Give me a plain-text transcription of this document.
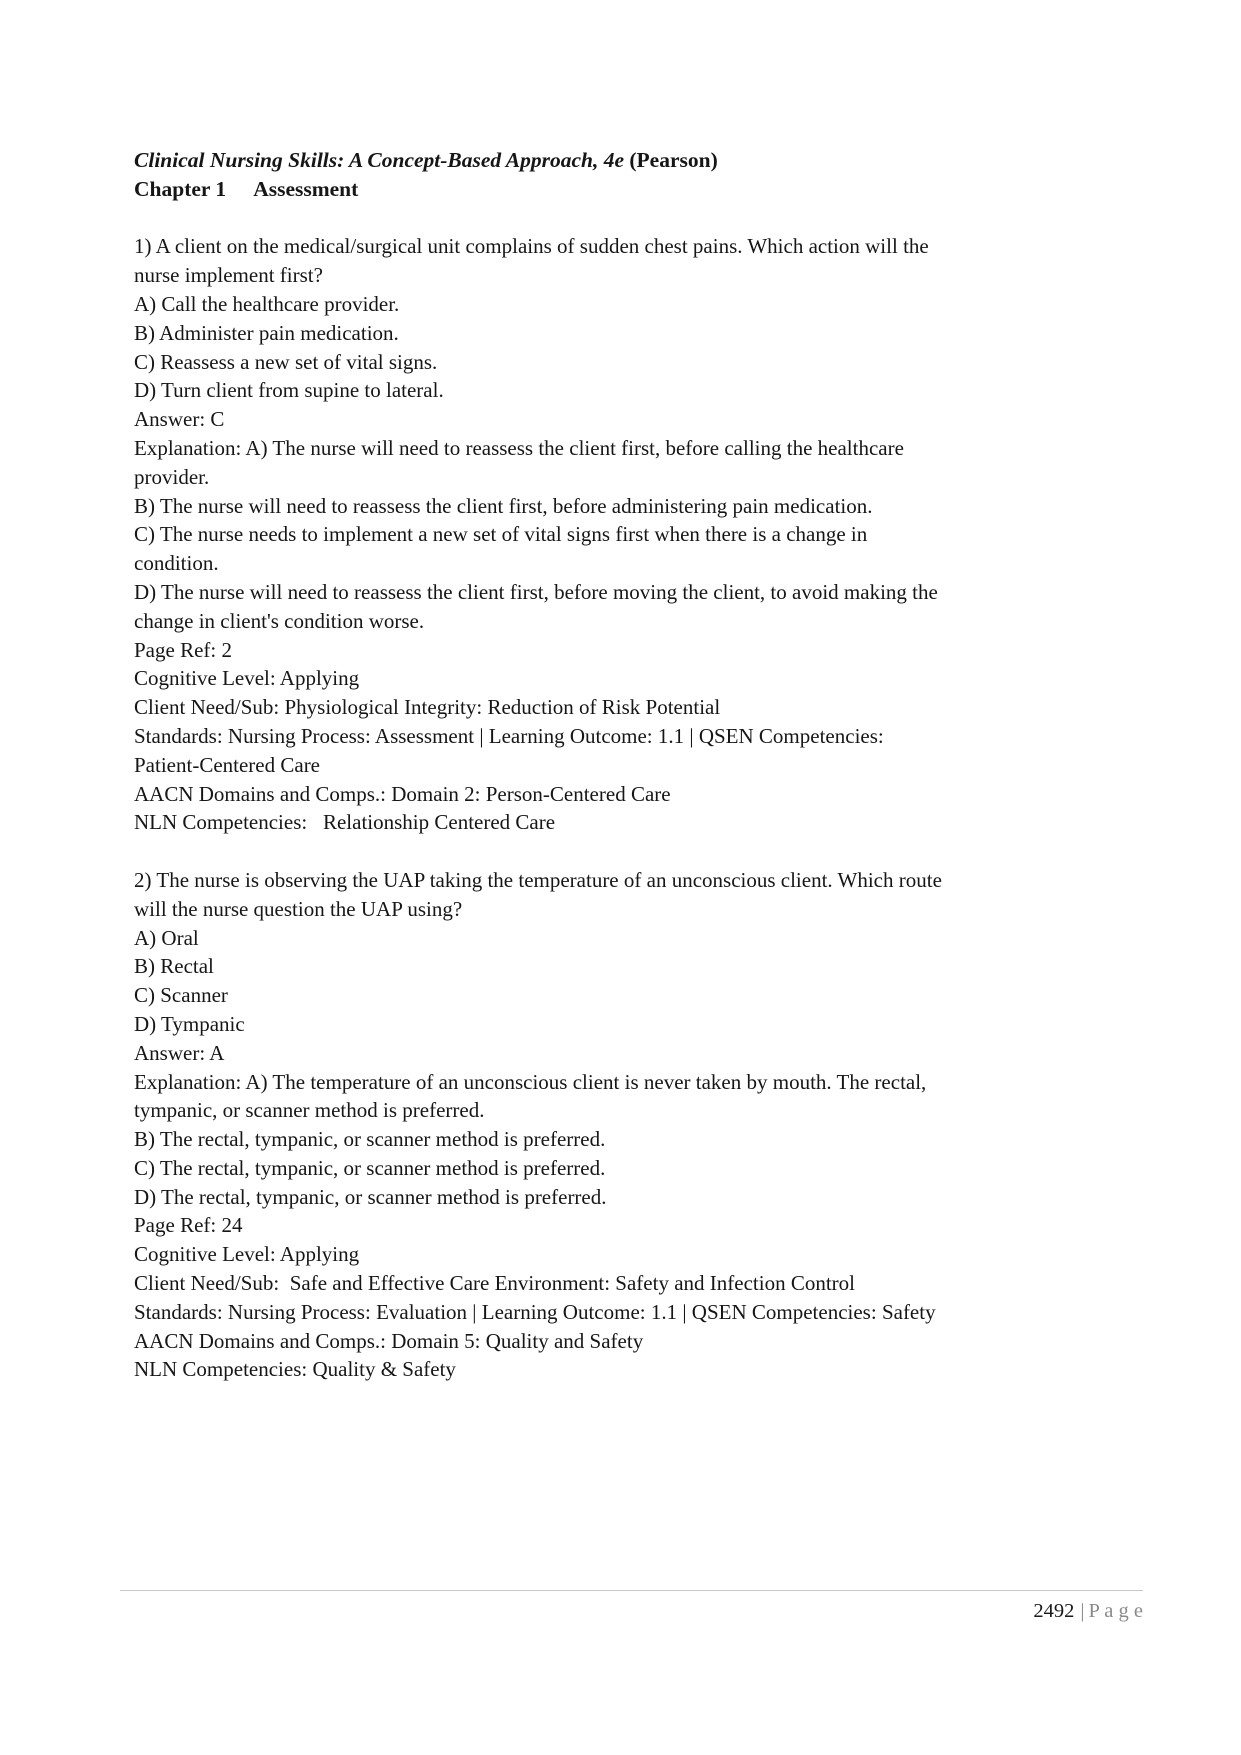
Clinical Nursing Skills: A Concept-Based Approach, 4e (Pearson)
Chapter 1 Assessment
1) A client on the medical/surgical unit complains of sudden chest pains. Which action will the
nurse implement first?
A) Call the healthcare provider.
B) Administer pain medication.
C) Reassess a new set of vital signs.
D) Turn client from supine to lateral.
Answer: C
Explanation: A) The nurse will need to reassess the client first, before calling the healthcare
provider.
B) The nurse will need to reassess the client first, before administering pain medication.
C) The nurse needs to implement a new set of vital signs first when there is a change in
condition.
D) The nurse will need to reassess the client first, before moving the client, to avoid making the
change in client's condition worse.
Page Ref: 2
Cognitive Level: Applying
Client Need/Sub: Physiological Integrity: Reduction of Risk Potential
Standards: Nursing Process: Assessment | Learning Outcome: 1.1 | QSEN Competencies:
Patient-Centered Care
AACN Domains and Comps.: Domain 2: Person-Centered Care
NLN Competencies:   Relationship Centered Care
2) The nurse is observing the UAP taking the temperature of an unconscious client. Which route
will the nurse question the UAP using?
A) Oral
B) Rectal
C) Scanner
D) Tympanic
Answer: A
Explanation: A) The temperature of an unconscious client is never taken by mouth. The rectal,
tympanic, or scanner method is preferred.
B) The rectal, tympanic, or scanner method is preferred.
C) The rectal, tympanic, or scanner method is preferred.
D) The rectal, tympanic, or scanner method is preferred.
Page Ref: 24
Cognitive Level: Applying
Client Need/Sub:  Safe and Effective Care Environment: Safety and Infection Control
Standards: Nursing Process: Evaluation | Learning Outcome: 1.1 | QSEN Competencies: Safety
AACN Domains and Comps.: Domain 5: Quality and Safety
NLN Competencies: Quality & Safety
2492 | P a g e
